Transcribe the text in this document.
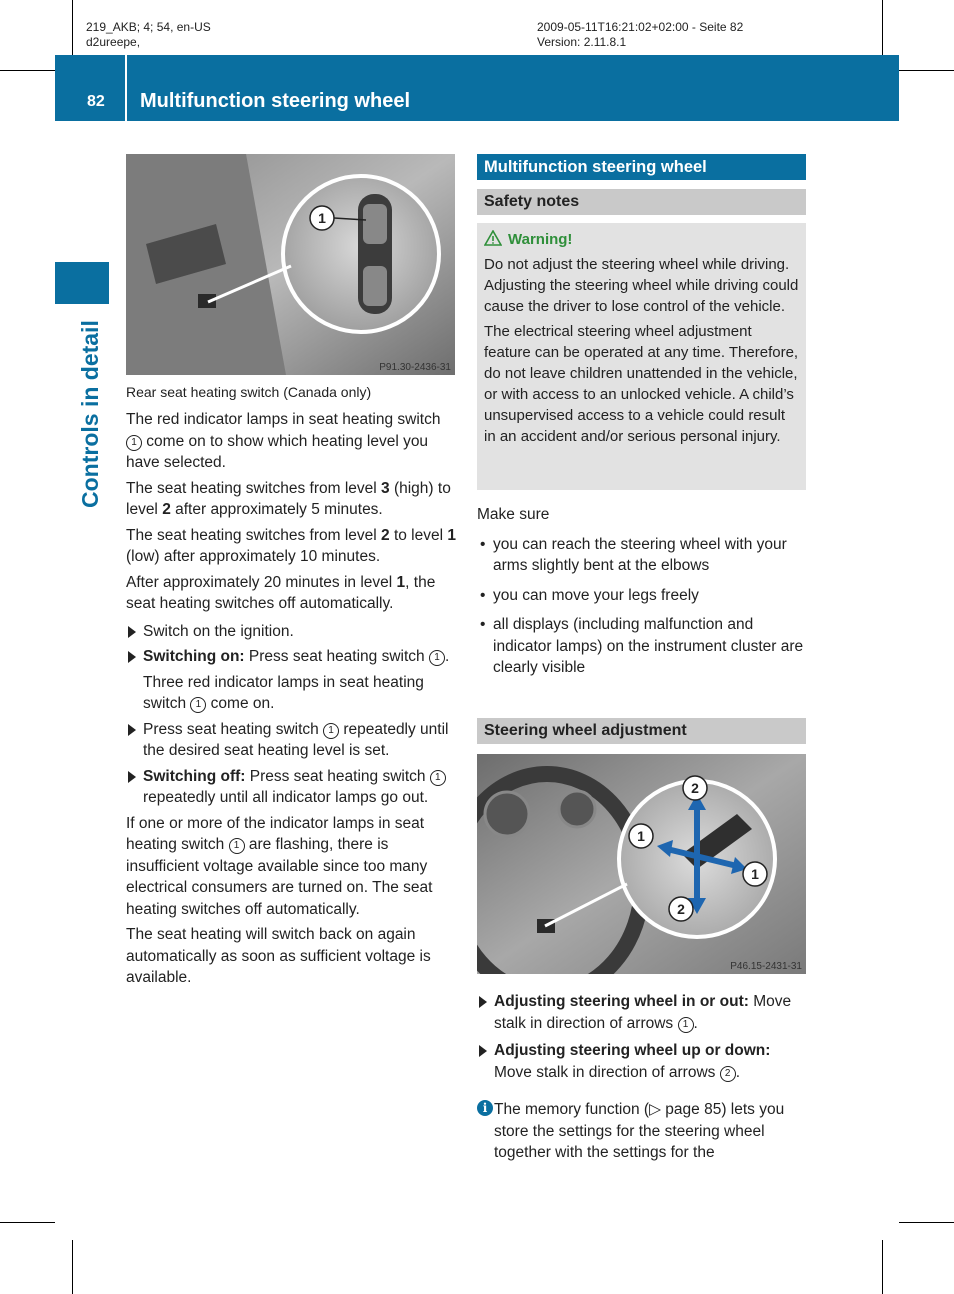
219_AKB; 4; 54, en-US
d2ureepe,
2009-05-11T16:21:02+02:00 - Seite 82
Version: 2.11.8.1
82 Multifunction steering wheel
Controls in detail
1
P91.30-2436-31
Rear seat heating switch (Canada only)

The red indicator lamps in seat heating switch 1 come on to show which heating level you have selected.

The seat heating switches from level 3 (high) to level 2 after approximately 5 minutes.

The seat heating switches from level 2 to level 1 (low) after approximately 10 minutes.

After approximately 20 minutes in level 1, the seat heating switches off automatically.

Switch on the ignition.
Switching on: Press seat heating switch 1 .
Three red indicator lamps in seat heating switch 1 come on.
Press seat heating switch 1 repeatedly until the desired seat heating level is set.
Switching off: Press seat heating switch 1 repeatedly until all indicator lamps go out.

If one or more of the indicator lamps in seat heating switch 1 are flashing, there is insufficient voltage available since too many electrical consumers are turned on. The seat heating switches off automatically.

The seat heating will switch back on again automatically as soon as sufficient voltage is available.

Multifunction steering wheel
Safety notes
Warning!

Do not adjust the steering wheel while driving. Adjusting the steering wheel while driving could cause the driver to lose control of the vehicle.

The electrical steering wheel adjustment feature can be operated at any time. Therefore, do not leave children unattended in the vehicle, or with access to an unlocked vehicle. A child’s unsupervised access to a vehicle could result in an accident and/or serious personal injury.

Make sure

• you can reach the steering wheel with your arms slightly bent at the elbows
• you can move your legs freely
• all displays (including malfunction and indicator lamps) on the instrument cluster are clearly visible
Steering wheel adjustment
2
1
1
2
P46.15-2431-31
Adjusting steering wheel in or out: Move stalk in direction of arrows 1 .
Adjusting steering wheel up or down: Move stalk in direction of arrows 2 .
i The memory function (▷ page 85) lets you store the settings for the steering wheel together with the settings for the
